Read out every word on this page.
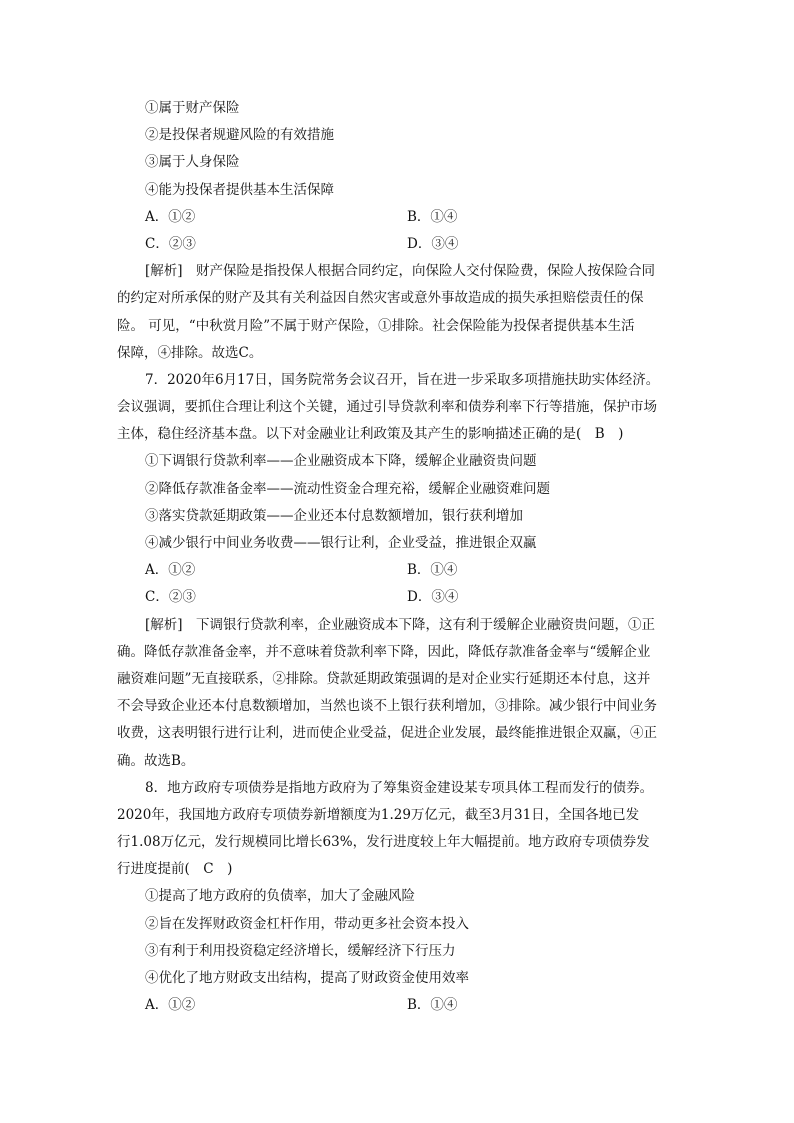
①属于财产保险
②是投保者规避风险的有效措施
③属于人身保险
④能为投保者提供基本生活保障
A．①②	B．①④
C．②③	D．③④
[解析]　财产保险是指投保人根据合同约定，向保险人交付保险费，保险人按保险合同
的约定对所承保的财产及其有关利益因自然灾害或意外事故造成的损失承担赔偿责任的保
险。 可见，“中秋赏月险”不属于财产保险，①排除。社会保险能为投保者提供基本生活
保障，④排除。故选C。
7．2020年6月17日，国务院常务会议召开，旨在进一步采取多项措施扶助实体经济。
会议强调，要抓住合理让利这个关键，通过引导贷款利率和债券利率下行等措施，保护市场
主体，稳住经济基本盘。以下对金融业让利政策及其产生的影响描述正确的是(　B　)
①下调银行贷款利率——企业融资成本下降，缓解企业融资贵问题
②降低存款准备金率——流动性资金合理充裕，缓解企业融资难问题
③落实贷款延期政策——企业还本付息数额增加，银行获利增加
④减少银行中间业务收费——银行让利，企业受益，推进银企双赢
A．①②	B．①④
C．②③	D．③④
[解析]　下调银行贷款利率，企业融资成本下降，这有利于缓解企业融资贵问题，①正
确。降低存款准备金率，并不意味着贷款利率下降，因此，降低存款准备金率与“缓解企业
融资难问题”无直接联系，②排除。贷款延期政策强调的是对企业实行延期还本付息，这并
不会导致企业还本付息数额增加，当然也谈不上银行获利增加，③排除。减少银行中间业务
收费，这表明银行进行让利，进而使企业受益，促进企业发展，最终能推进银企双赢，④正
确。故选B。
8．地方政府专项债券是指地方政府为了筹集资金建设某专项具体工程而发行的债券。
2020年，我国地方政府专项债券新增额度为1.29万亿元，截至3月31日，全国各地已发
行1.08万亿元，发行规模同比增长63%，发行进度较上年大幅提前。地方政府专项债券发
行进度提前(　C　)
①提高了地方政府的负债率，加大了金融风险
②旨在发挥财政资金杠杆作用，带动更多社会资本投入
③有利于利用投资稳定经济增长，缓解经济下行压力
④优化了地方财政支出结构，提高了财政资金使用效率
A．①②	B．①④
